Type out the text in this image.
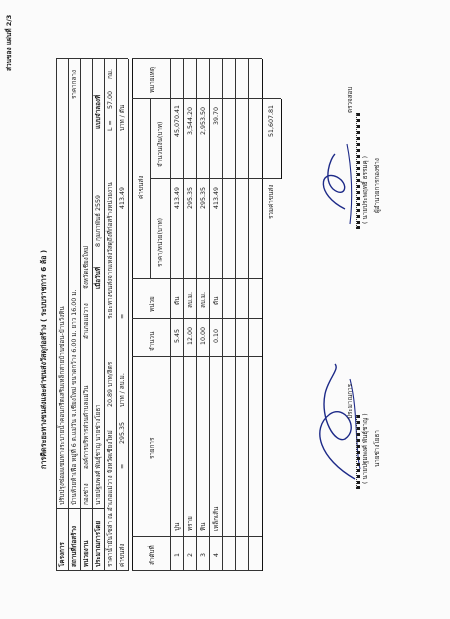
ส่วนของ แผ่นที่ 2/3
การคิดระยะทางขนส่งและค่าขนส่งวัสดุก่อสร้าง ( ระบบราชการ 6 ล้อ )
โครงการ
ปรับปรุงซ่อมแซมทางระบายน้ำคอนกรีตเสริมเหล็กสายบ้านซ่อน-บ้านวังหิน
สถานที่ก่อสร้าง
บ้านห้วยห้าเฟือ หมู่ที่ 6 ต.แม่วัน จ.เชียงใหม่ ขนาดกว้าง 6.00 ม. ยาว 16.00 ม.
ราคากลาง
หน่วยงาน
กองช่าง
องค์การบริหารส่วนตำบลแม่วิน
อำเภอแม่วาง
จังหวัดเชียงใหม่
ประมาณการโดย
นายปฐมพงศ์ พันธุ์ชาญ นายช่างโยธา
เมื่อวันที่
8 กุมภาพันธ์ 2559
แบบจำลองที่
ราคาน้ำมันโซล่า ณ อำเภอแม่วาง จังหวัดเชียงใหม่
20.89
บาท/ลิตร
ระยะทางขนส่งจากแหล่งวัสดุถึงที่ก่อสร้างหน่วยงาน
L =
57.00
กม.
ค่าขนส่ง
=
295.35
บาท / ลบ.ม.
=
413.49
บาท / ตัน
ลำดับที่
รายการ
จำนวน
หน่วย
ค่าขนส่ง
ราคา/หน่วย(บาท)
จำนวนเงิน(บาท)
หมายเหตุ
1
ปูน
5.45
ตัน
413.49
45,070.41
2
ทราย
12.00
ลบ.ม.
295.35
3,544.20
3
หิน
10.00
ลบ.ม.
295.35
2,953.50
4
เหล็กเส้น
0.10
ตัน
413.49
39.70
รวมค่าขนส่ง
51,607.81
ประมาณการ
( นายปฐมพงศ์ พันธุ์ชาญ ) นายช่างโยธา
ตรวจสอบ
( นายประพฤทธิ์ ธรรมคุ ) ผู้อำนวยการกองช่าง
